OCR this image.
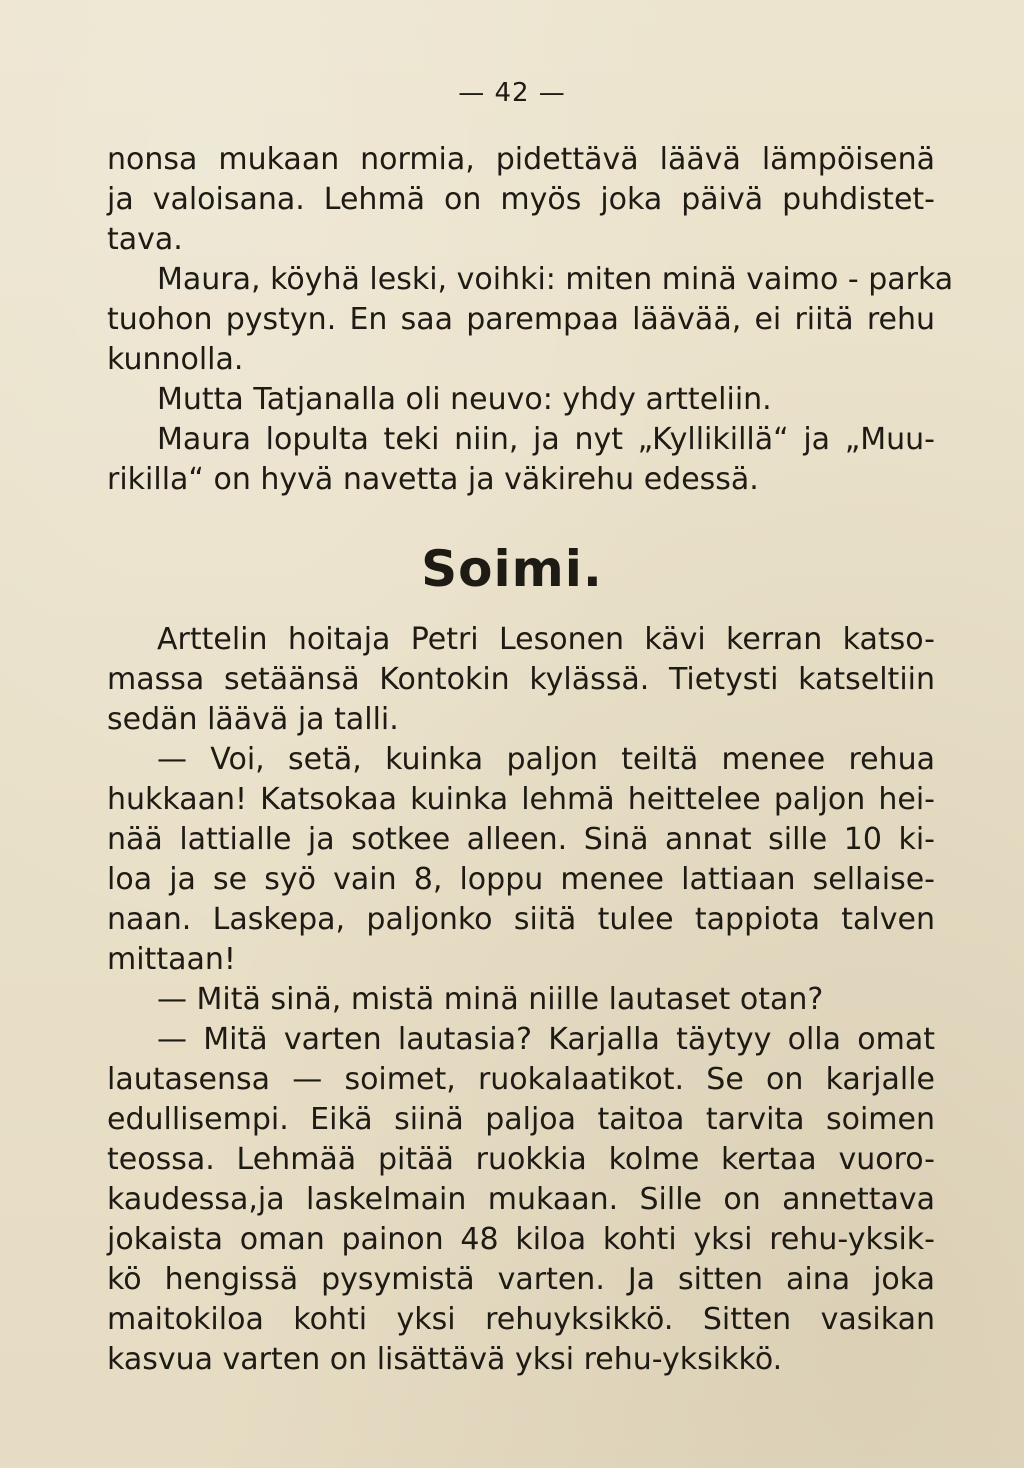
— 42 —
nonsa mukaan normia, pidettävä läävä lämpöisenä
ja valoisana. Lehmä on myös joka päivä puhdistet-
tava.
Maura, köyhä leski, voihki: miten minä vaimo - parka
tuohon pystyn. En saa parempaa läävää, ei riitä rehu
kunnolla.
Mutta Tatjanalla oli neuvo: yhdy artteliin.
Maura lopulta teki niin, ja nyt „Kyllikillä“ ja „Muu-
rikilla“ on hyvä navetta ja väkirehu edessä.
Soimi.
Arttelin hoitaja Petri Lesonen kävi kerran katso-
massa setäänsä Kontokin kylässä. Tietysti katseltiin
sedän läävä ja talli.
— Voi, setä, kuinka paljon teiltä menee rehua
hukkaan! Katsokaa kuinka lehmä heittelee paljon hei-
nää lattialle ja sotkee alleen. Sinä annat sille 10 ki-
loa ja se syö vain 8, loppu menee lattiaan sellaise-
naan. Laskepa, paljonko siitä tulee tappiota talven
mittaan!
— Mitä sinä, mistä minä niille lautaset otan?
— Mitä varten lautasia? Karjalla täytyy olla omat
lautasensa — soimet, ruokalaatikot. Se on karjalle
edullisempi. Eikä siinä paljoa taitoa tarvita soimen
teossa. Lehmää pitää ruokkia kolme kertaa vuoro-
kaudessa,ja laskelmain mukaan. Sille on annettava
jokaista oman painon 48 kiloa kohti yksi rehu-yksik-
kö hengissä pysymistä varten. Ja sitten aina joka
maitokiloa kohti yksi rehuyksikkö. Sitten vasikan
kasvua varten on lisättävä yksi rehu-yksikkö.
